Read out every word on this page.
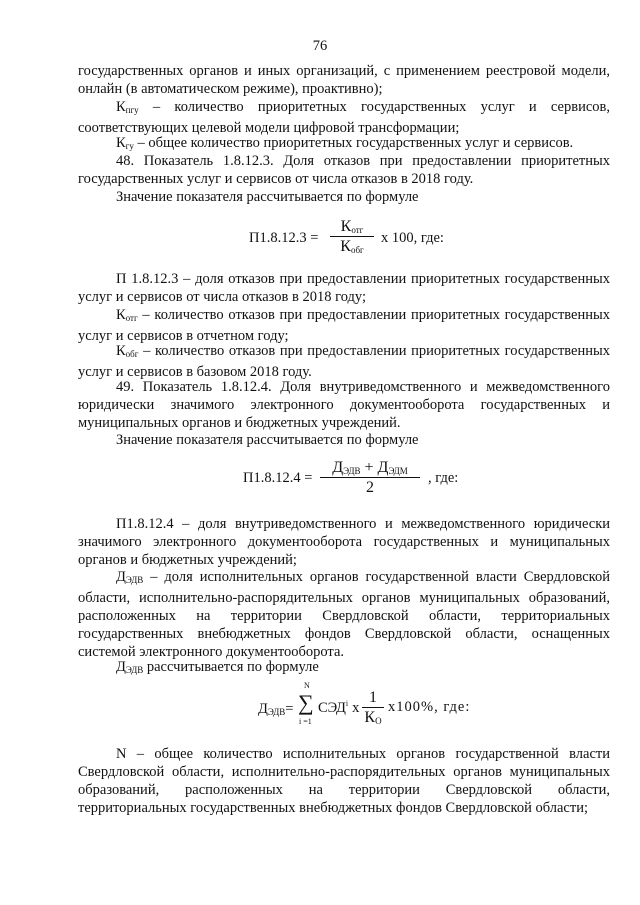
76
государственных органов и иных организаций, с применением реестровой модели, онлайн (в автоматическом режиме), проактивно);
$К_{пгу}$ – количество приоритетных государственных услуг и сервисов, соответствующих целевой модели цифровой трансформации;
$К_{гу}$ – общее количество приоритетных государственных услуг и сервисов.
48. Показатель 1.8.12.3. Доля отказов при предоставлении приоритетных государственных услуг и сервисов от числа отказов в 2018 году.
Значение показателя рассчитывается по формуле
П1.8.12.3 =
$К_{отг}$
$К_{обг}$
х 100, где:
П 1.8.12.3 – доля отказов при предоставлении приоритетных государственных услуг и сервисов от числа отказов в 2018 году;
$К_{отг}$ – количество отказов при предоставлении приоритетных государственных услуг и сервисов в отчетном году;
$К_{обг}$ – количество отказов при предоставлении приоритетных государственных услуг и сервисов в базовом 2018 году.
49. Показатель 1.8.12.4. Доля внутриведомственного и межведомственного юридически значимого электронного документооборота государственных и муниципальных органов и бюджетных учреждений.
Значение показателя рассчитывается по формуле
П1.8.12.4 =
$Д_{ЭДВ} + Д_{ЭДМ}$
2
, где:
П1.8.12.4 – доля внутриведомственного и межведомственного юридически значимого электронного документооборота государственных и муниципальных органов и бюджетных учреждений;
$Д_{ЭДВ}$ – доля исполнительных органов государственной власти Свердловской области, исполнительно-распорядительных органов муниципальных образований, расположенных на территории Свердловской области, территориальных государственных внебюджетных фондов Свердловской области, оснащенных системой электронного документооборота.
$Д_{ЭДВ}$ рассчитывается по формуле
$Д_{ЭДВ}=$
N
∑
i =1
СЭД$^i$ х
1
$К_О$
х100%, где:
N – общее количество исполнительных органов государственной власти Свердловской области, исполнительно-распорядительных органов муниципальных образований, расположенных на территории Свердловской области, территориальных государственных внебюджетных фондов Свердловской области;
